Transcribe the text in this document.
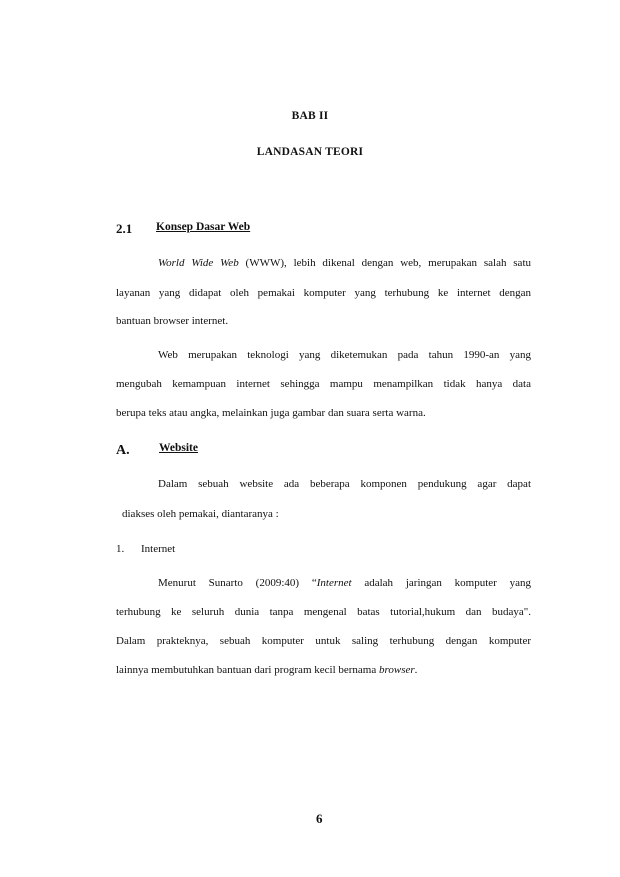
BAB II

LANDASAN TEORI

2.1 Konsep Dasar Web

World Wide Web (WWW), lebih dikenal dengan web, merupakan salah satu

layanan yang didapat oleh pemakai komputer yang terhubung ke internet dengan

bantuan browser internet.

Web merupakan teknologi yang diketemukan pada tahun 1990-an yang

mengubah kemampuan internet sehingga mampu menampilkan tidak hanya data

berupa teks atau angka, melainkan juga gambar dan suara serta warna.

A.	Website

Dalam sebuah website ada beberapa komponen pendukung agar dapat

diakses oleh pemakai, diantaranya :

1. Internet

Menurut Sunarto (2009:40) “Internet adalah jaringan komputer yang

terhubung ke seluruh dunia tanpa mengenal batas tutorial,hukum dan budaya".

Dalam prakteknya, sebuah komputer untuk saling terhubung dengan komputer

lainnya membutuhkan bantuan dari program kecil bernama browser.

6
